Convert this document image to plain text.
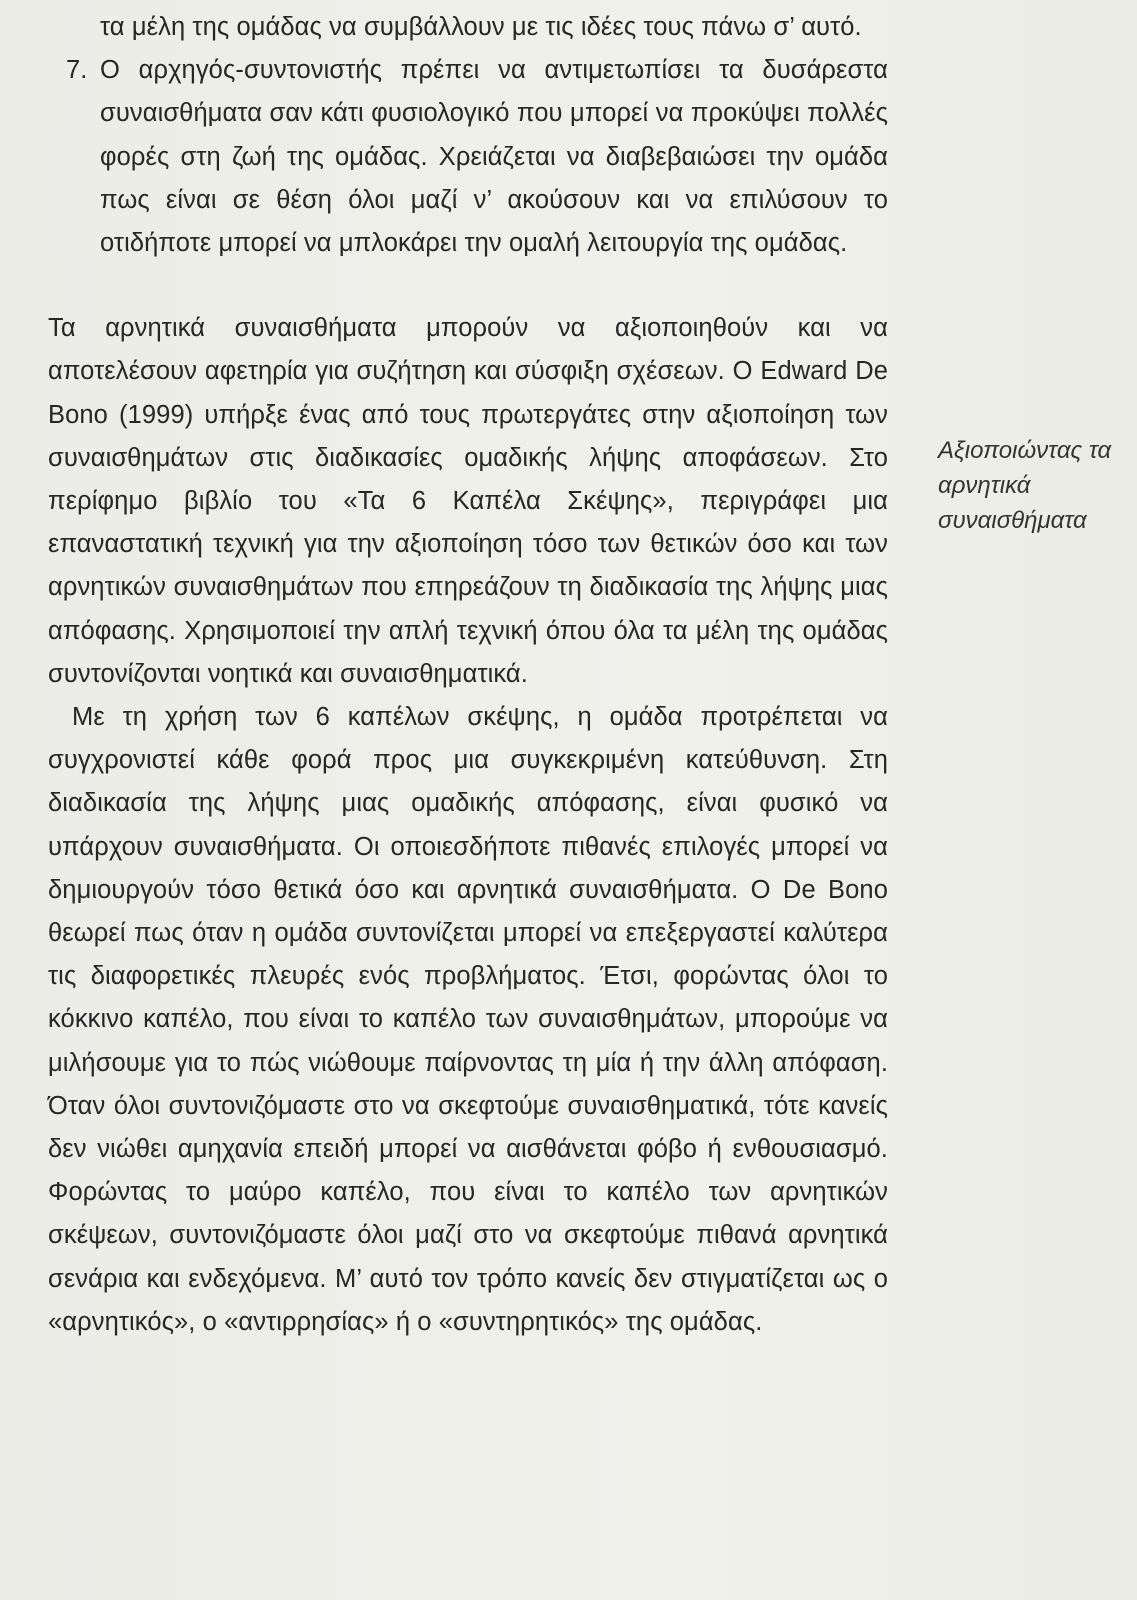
τα μέλη της ομάδας να συμβάλλουν με τις ιδέες τους πάνω σ’ αυτό.

7. Ο αρχηγός-συντονιστής πρέπει να αντιμετωπίσει τα δυσάρεστα συναισθήματα σαν κάτι φυσιολογικό που μπορεί να προκύψει πολλές φορές στη ζωή της ομάδας. Χρειάζεται να διαβεβαιώσει την ομάδα πως είναι σε θέση όλοι μαζί ν’ ακούσουν και να επιλύσουν το οτιδήποτε μπορεί να μπλοκάρει την ομαλή λειτουργία της ομάδας.

Τα αρνητικά συναισθήματα μπορούν να αξιοποιηθούν και να αποτελέσουν αφετηρία για συζήτηση και σύσφιξη σχέσεων. Ο Edward De Bono (1999) υπήρξε ένας από τους πρωτεργάτες στην αξιοποίηση των συναισθημάτων στις διαδικασίες ομαδικής λήψης αποφάσεων. Στο περίφημο βιβλίο του «Τα 6 Καπέλα Σκέψης», περιγράφει μια επαναστατική τεχνική για την αξιοποίηση τόσο των θετικών όσο και των αρνητικών συναισθημάτων που επηρεάζουν τη διαδικασία της λήψης μιας απόφασης. Χρησιμοποιεί την απλή τεχνική όπου όλα τα μέλη της ομάδας συντονίζονται νοητικά και συναισθηματικά.

Με τη χρήση των 6 καπέλων σκέψης, η ομάδα προτρέπεται να συγχρονιστεί κάθε φορά προς μια συγκεκριμένη κατεύθυνση. Στη διαδικασία της λήψης μιας ομαδικής απόφασης, είναι φυσικό να υπάρχουν συναισθήματα. Οι οποιεσδήποτε πιθανές επιλογές μπορεί να δημιουργούν τόσο θετικά όσο και αρνητικά συναισθήματα. Ο De Bono θεωρεί πως όταν η ομάδα συντονίζεται μπορεί να επεξεργαστεί καλύτερα τις διαφορετικές πλευρές ενός προβλήματος. Έτσι, φορώντας όλοι το κόκκινο καπέλο, που είναι το καπέλο των συναισθημάτων, μπορούμε να μιλήσουμε για το πώς νιώθουμε παίρνοντας τη μία ή την άλλη απόφαση. Όταν όλοι συντονιζόμαστε στο να σκεφτούμε συναισθηματικά, τότε κανείς δεν νιώθει αμηχανία επειδή μπορεί να αισθάνεται φόβο ή ενθουσιασμό. Φορώντας το μαύρο καπέλο, που είναι το καπέλο των αρνητικών σκέψεων, συντονιζόμαστε όλοι μαζί στο να σκεφτούμε πιθανά αρνητικά σενάρια και ενδεχόμενα. Μ’ αυτό τον τρόπο κανείς δεν στιγματίζεται ως ο «αρνητικός», ο «αντιρρησίας» ή ο «συντηρητικός» της ομάδας.

Αξιοποιώντας τα αρνητικά συναισθήματα
